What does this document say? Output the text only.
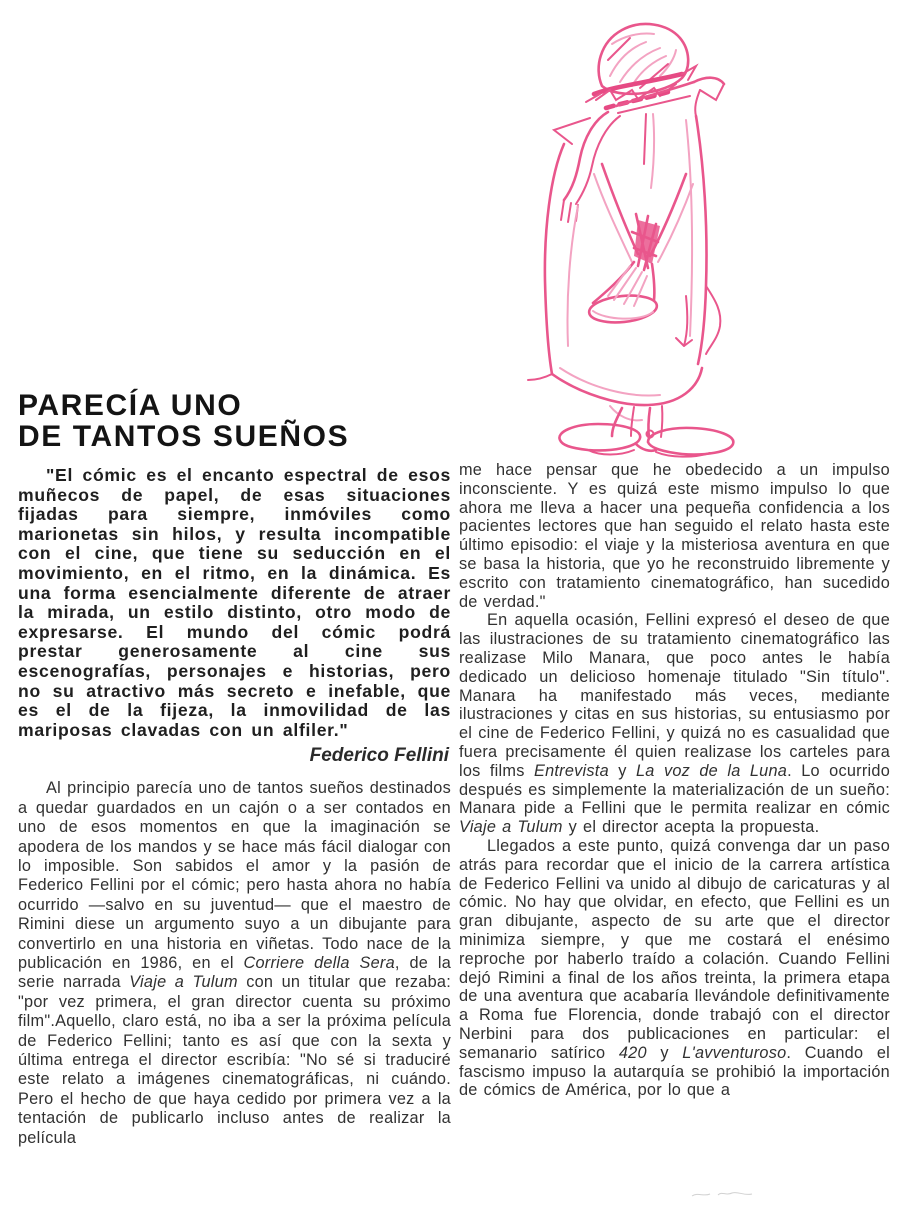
PARECÍA UNO
DE TANTOS SUEÑOS

"El cómic es el encanto espectral de esos muñecos de papel, de esas situaciones fijadas para siempre, inmóviles como marionetas sin hilos, y resulta incompatible con el cine, que tiene su seducción en el movimiento, en el ritmo, en la dinámica. Es una forma esencialmente diferente de atraer la mirada, un estilo distinto, otro modo de expresarse. El mundo del cómic podrá prestar generosamente al cine sus escenografías, personajes e historias, pero no su atractivo más secreto e inefable, que es el de la fijeza, la inmovilidad de las mariposas clavadas con un alfiler."

Federico Fellini

Al principio parecía uno de tantos sueños destinados a quedar guardados en un cajón o a ser contados en uno de esos momentos en que la imaginación se apodera de los mandos y se hace más fácil dialogar con lo imposible. Son sabidos el amor y la pasión de Federico Fellini por el cómic; pero hasta ahora no había ocurrido —salvo en su juventud— que el maestro de Rimini diese un argumento suyo a un dibujante para convertirlo en una historia en viñetas. Todo nace de la publicación en 1986, en el Corriere della Sera, de la serie narrada Viaje a Tulum con un titular que rezaba: "por vez primera, el gran director cuenta su próximo film".Aquello, claro está, no iba a ser la próxima película de Federico Fellini; tanto es así que con la sexta y última entrega el director escribía: "No sé si traduciré este relato a imágenes cinematográficas, ni cuándo. Pero el hecho de que haya cedido por primera vez a la tentación de publicarlo incluso antes de realizar la película

me hace pensar que he obedecido a un impulso inconsciente. Y es quizá este mismo impulso lo que ahora me lleva a hacer una pequeña confidencia a los pacientes lectores que han seguido el relato hasta este último episodio: el viaje y la misteriosa aventura en que se basa la historia, que yo he reconstruido libremente y escrito con tratamiento cinematográfico, han sucedido de verdad."

En aquella ocasión, Fellini expresó el deseo de que las ilustraciones de su tratamiento cinematográfico las realizase Milo Manara, que poco antes le había dedicado un delicioso homenaje titulado "Sin título". Manara ha manifestado más veces, mediante ilustraciones y citas en sus historias, su entusiasmo por el cine de Federico Fellini, y quizá no es casualidad que fuera precisamente él quien realizase los carteles para los films Entrevista y La voz de la Luna. Lo ocurrido después es simplemente la materialización de un sueño: Manara pide a Fellini que le permita realizar en cómic Viaje a Tulum y el director acepta la propuesta.

Llegados a este punto, quizá convenga dar un paso atrás para recordar que el inicio de la carrera artística de Federico Fellini va unido al dibujo de caricaturas y al cómic. No hay que olvidar, en efecto, que Fellini es un gran dibujante, aspecto de su arte que el director minimiza siempre, y que me costará el enésimo reproche por haberlo traído a colación. Cuando Fellini dejó Rimini a final de los años treinta, la primera etapa de una aventura que acabaría llevándole definitivamente a Roma fue Florencia, donde trabajó con el director Nerbini para dos publicaciones en particular: el semanario satírico 420 y L'avventuroso. Cuando el fascismo impuso la autarquía se prohibió la importación de cómics de América, por lo que a
